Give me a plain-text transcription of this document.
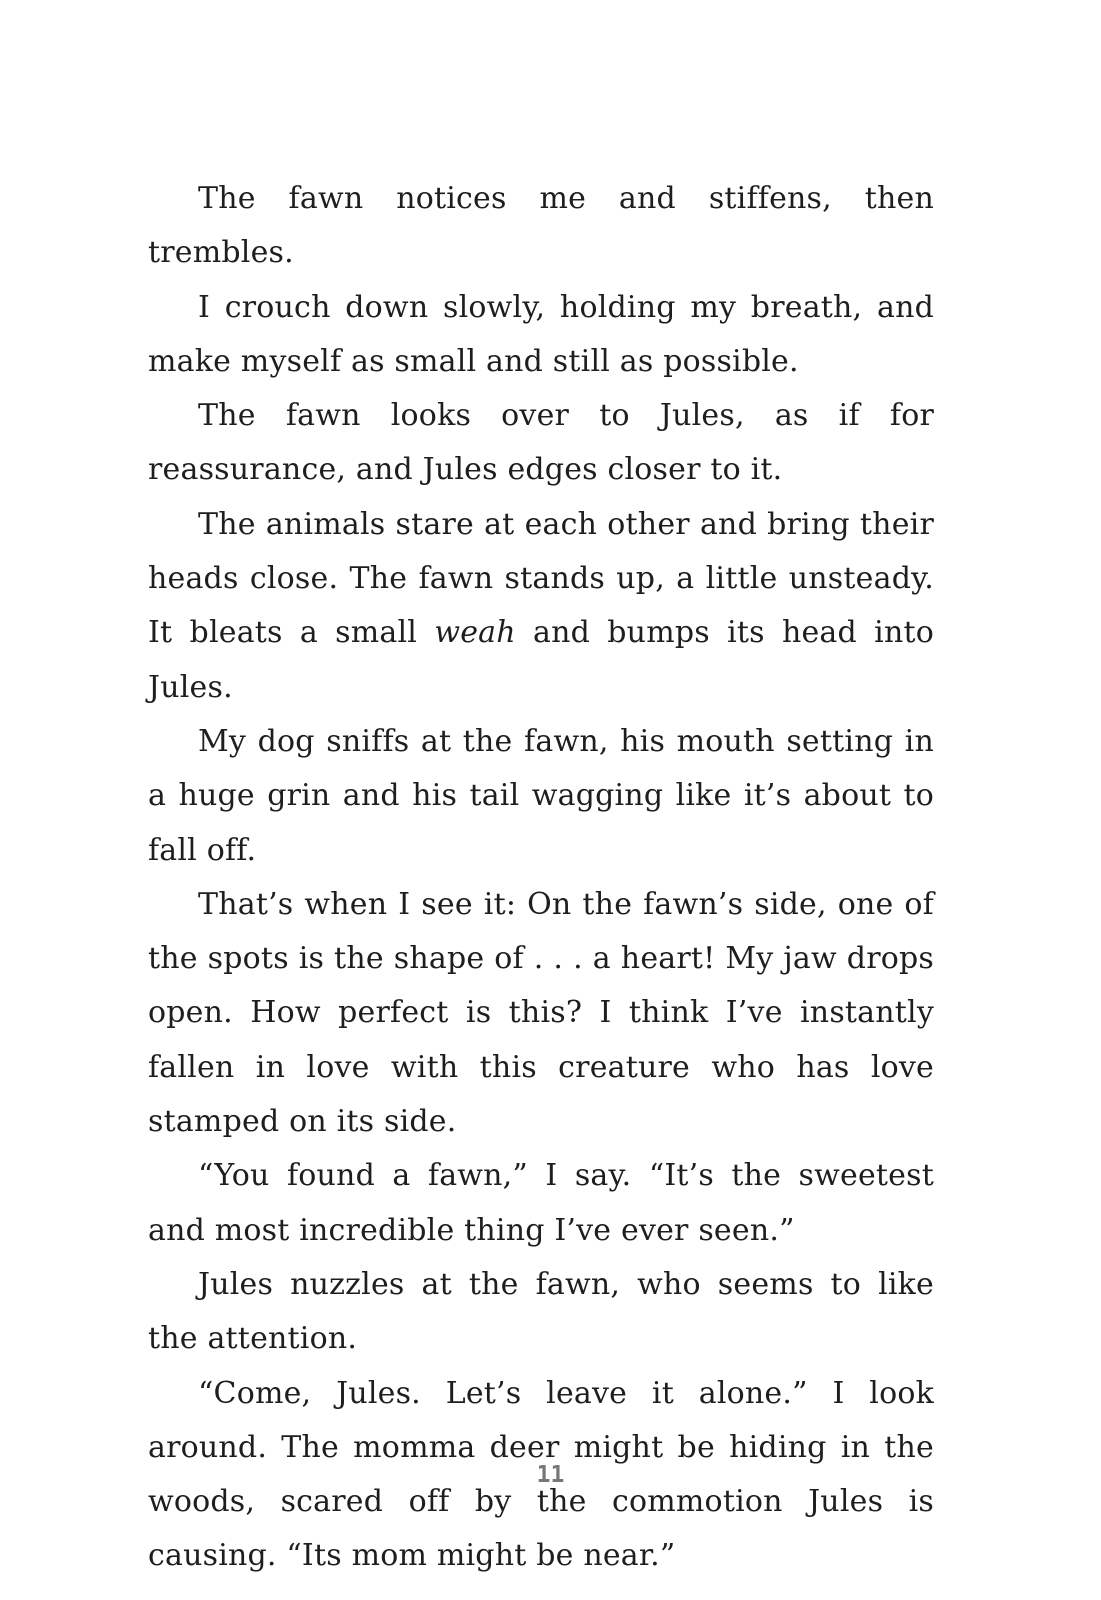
The fawn notices me and stiffens, then trembles.

I crouch down slowly, holding my breath, and make myself as small and still as possible.

The fawn looks over to Jules, as if for reassurance, and Jules edges closer to it.

The animals stare at each other and bring their heads close. The fawn stands up, a little unsteady. It bleats a small weah and bumps its head into Jules.

My dog sniffs at the fawn, his mouth setting in a huge grin and his tail wagging like it’s about to fall off.

That’s when I see it: On the fawn’s side, one of the spots is the shape of . . . a heart! My jaw drops open. How perfect is this? I think I’ve instantly fallen in love with this creature who has love stamped on its side.

“You found a fawn,” I say. “It’s the sweetest and most incredible thing I’ve ever seen.”

Jules nuzzles at the fawn, who seems to like the attention.

“Come, Jules. Let’s leave it alone.” I look around. The momma deer might be hiding in the woods, scared off by the commotion Jules is causing. “Its mom might be near.”

11
